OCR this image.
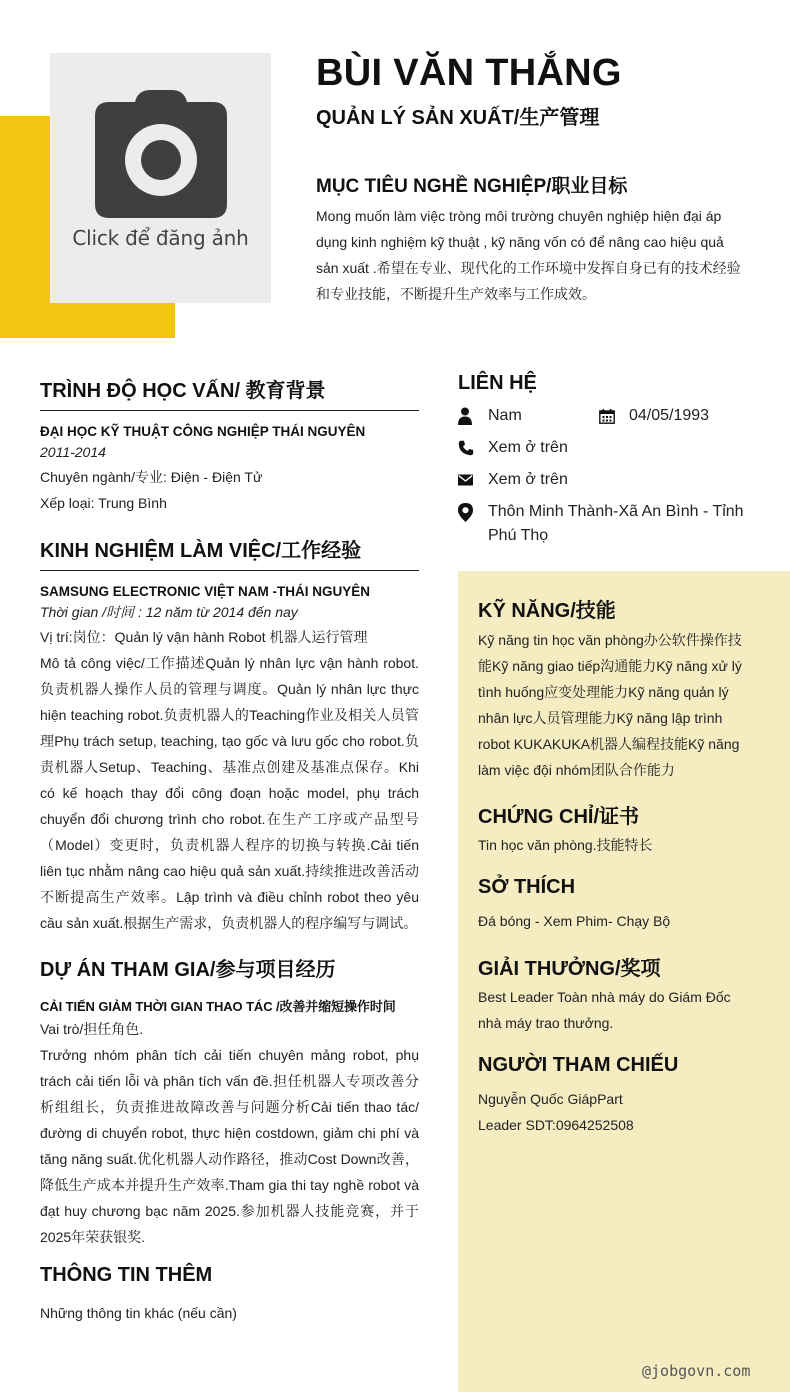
Click để đăng ảnh
BÙI VĂN THẮNG
QUẢN LÝ SẢN XUẤT/生产管理
MỤC TIÊU NGHỀ NGHIỆP/职业目标
Mong muốn làm việc tròng môi trường chuyên nghiệp hiện đại áp dụng kinh nghiệm kỹ thuật , kỹ năng vốn có để nâng cao hiệu quả sản xuất .希望在专业、现代化的工作环境中发挥自身已有的技术经验和专业技能，不断提升生产效率与工作成效。
TRÌNH ĐỘ HỌC VẤN/ 教育背景
ĐẠI HỌC KỸ THUẬT CÔNG NGHIỆP THÁI NGUYÊN
2011-2014
Chuyên ngành/专业: Điện - Điện Tử
Xếp loại: Trung Bình
KINH NGHIỆM LÀM VIỆC/工作经验
SAMSUNG ELECTRONIC VIỆT NAM -THÁI NGUYÊN
Thời gian /时间 : 12 năm từ 2014 đến nay
Vị trí:岗位：Quản lý vận hành Robot 机器人运行管理
Mô tả công việc/工作描述Quản lý nhân lực vận hành robot.负责机器人操作人员的管理与调度。Quản lý nhân lực thực hiện teaching robot.负责机器人的Teaching作业及相关人员管理Phụ trách setup, teaching, tạo gốc và lưu gốc cho robot.负责机器人Setup、Teaching、基准点创建及基准点保存。Khi có kế hoạch thay đổi công đoạn hoặc model, phụ trách chuyển đổi chương trình cho robot.在生产工序或产品型号（Model）变更时，负责机器人程序的切换与转换.Cải tiến liên tục nhằm nâng cao hiệu quả sản xuất.持续推进改善活动 不断提高生产效率。Lập trình và điều chỉnh robot theo yêu cầu sản xuất.根据生产需求，负责机器人的程序编写与调试。
DỰ ÁN THAM GIA/参与项目经历
CẢI TIẾN GIẢM THỜI GIAN THAO TÁC /改善并缩短操作时间
Vai trò/担任角色.
Trưởng nhóm phân tích cải tiến chuyên mảng robot, phụ trách cải tiến lỗi và phân tích vấn đề.担任机器人专项改善分析组组长，负责推进故障改善与问题分析Cải tiến thao tác/ đường di chuyển robot, thực hiện costdown, giảm chi phí và tăng năng suất.优化机器人动作路径，推动Cost Down改善，降低生产成本并提升生产效率.Tham gia thi tay nghề robot và đạt huy chương bạc năm 2025.参加机器人技能竞赛，并于2025年荣获银奖.
THÔNG TIN THÊM
Những thông tin khác (nếu cần)
LIÊN HỆ
Nam	04/05/1993
Xem ở trên
Xem ở trên
Thôn Minh Thành-Xã An Bình - Tỉnh Phú Thọ
KỸ NĂNG/技能
Kỹ năng tin học văn phòng办公软件操作技能Kỹ năng giao tiếp沟通能力Kỹ năng xử lý tình huống应变处理能力Kỹ năng quản lý nhân lực人员管理能力Kỹ năng lập trình robot KUKAKUKA机器人编程技能Kỹ năng làm việc đội nhóm团队合作能力
CHỨNG CHỈ/证书
Tin học văn phòng.技能特长
SỞ THÍCH
Đá bóng - Xem Phim- Chạy Bộ
GIẢI THƯỞNG/奖项
Best Leader Toàn nhà máy do Giám Đốc nhà máy trao thưởng.
NGƯỜI THAM CHIẾU
Nguyễn Quốc GiápPart
Leader SDT:0964252508
@jobgovn.com
